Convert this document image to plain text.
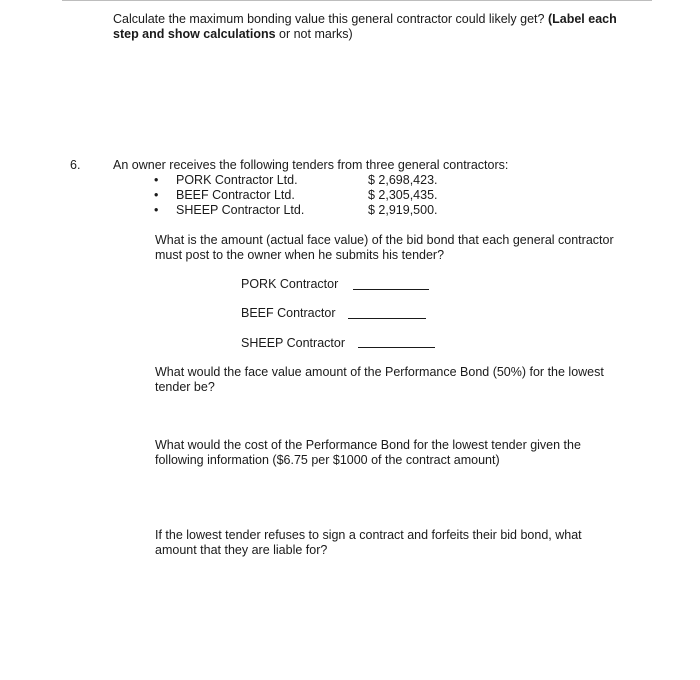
Calculate the maximum bonding value this general contractor could likely get? (Label each step and show calculations or not marks)
6.	An owner receives the following tenders from three general contractors:
•	PORK Contractor Ltd.	$ 2,698,423.
•	BEEF Contractor Ltd.	$ 2,305,435.
•	SHEEP Contractor Ltd.	$ 2,919,500.
What is the amount (actual face value) of the bid bond that each general contractor must post to the owner when he submits his tender?
PORK Contractor
BEEF Contractor
SHEEP Contractor
What would the face value amount of the Performance Bond (50%) for the lowest tender be?
What would the cost of the Performance Bond for the lowest tender given the following information ($6.75 per $1000 of the contract amount)
If the lowest tender refuses to sign a contract and forfeits their bid bond, what amount that they are liable for?
